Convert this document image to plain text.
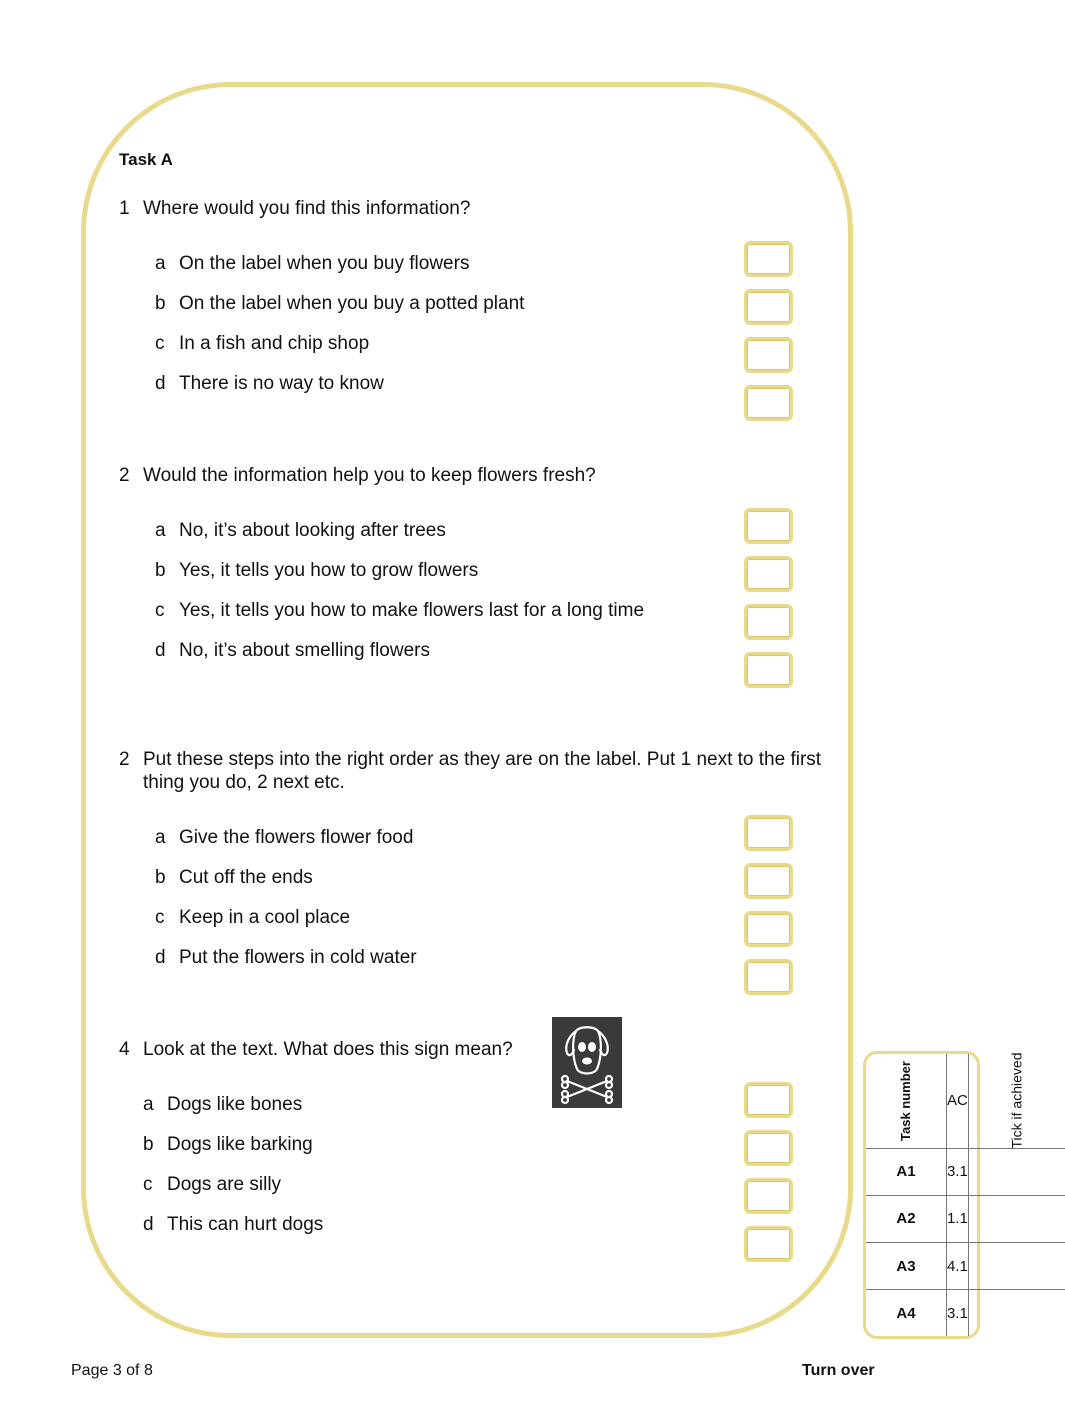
Task A
1 Where would you find this information?
a On the label when you buy flowers
b On the label when you buy a potted plant
c In a fish and chip shop
d There is no way to know
2 Would the information help you to keep flowers fresh?
a No, it’s about looking after trees
b Yes, it tells you how to grow flowers
c Yes, it tells you how to make flowers last for a long time
d No, it’s about smelling flowers
2 Put these steps into the right order as they are on the label. Put 1 next to the first thing you do, 2 next etc.
a Give the flowers flower food
b Cut off the ends
c Keep in a cool place
d Put the flowers in cold water
4 Look at the text. What does this sign mean?
a Dogs like bones
b Dogs like barking
c Dogs are silly
d This can hurt dogs
Task number	AC	Tick if achieved
A1	3.1	
A2	1.1	
A3	4.1	
A4	3.1	
Page 3 of 8	Turn over
